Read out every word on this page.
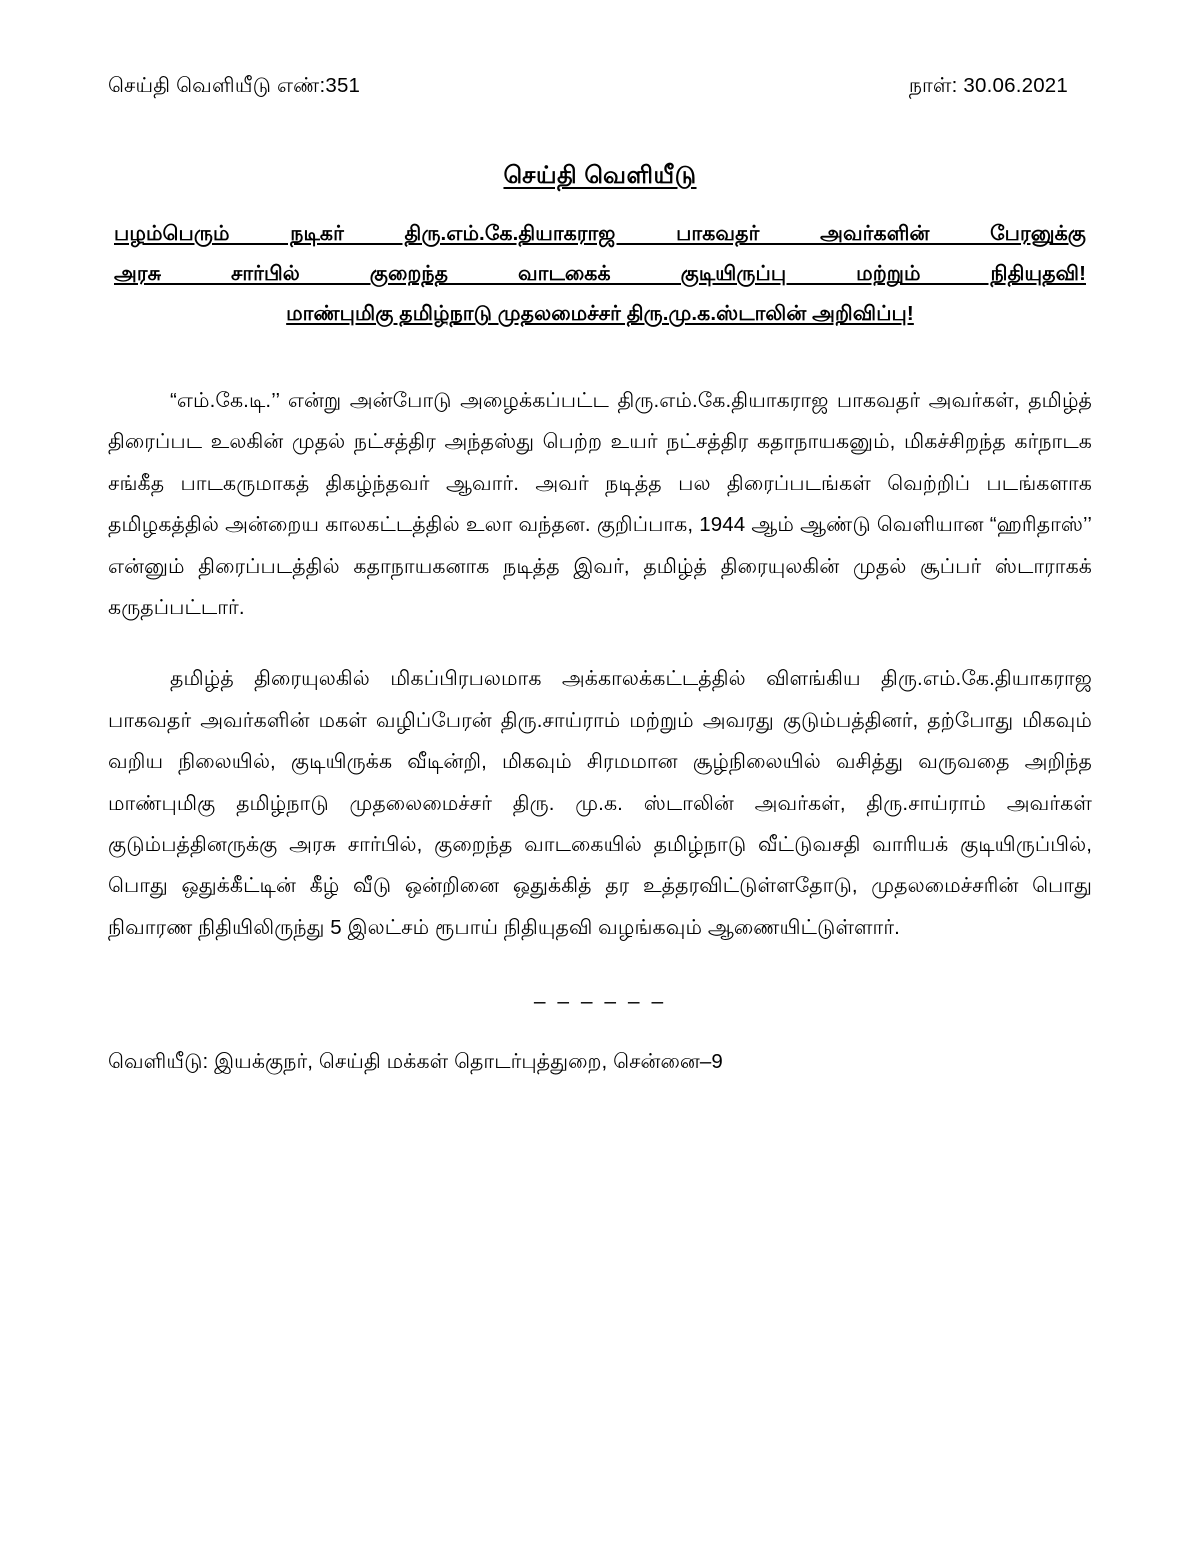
செய்தி வெளியீடு எண்:351	நாள்: 30.06.2021
செய்தி வெளியீடு
பழம்பெரும் நடிகர் திரு.எம்.கே.தியாகராஜ பாகவதர் அவர்களின் பேரனுக்கு
அரசு சார்பில் குறைந்த வாடகைக் குடியிருப்பு மற்றும் நிதியுதவி!
மாண்புமிகு தமிழ்நாடு முதலமைச்சர் திரு.மு.க.ஸ்டாலின் அறிவிப்பு!

“எம்.கே.டி.’’ என்று அன்போடு அழைக்கப்பட்ட திரு.எம்.கே.தியாகராஜ பாகவதர் அவர்கள், தமிழ்த் திரைப்பட உலகின் முதல் நட்சத்திர அந்தஸ்து பெற்ற உயர் நட்சத்திர கதாநாயகனும், மிகச்சிறந்த கர்நாடக சங்கீத பாடகருமாகத் திகழ்ந்தவர் ஆவார். அவர் நடித்த பல திரைப்படங்கள் வெற்றிப் படங்களாக தமிழகத்தில் அன்றைய காலகட்டத்தில் உலா வந்தன. குறிப்பாக, 1944 ஆம் ஆண்டு வெளியான “ஹரிதாஸ்’’ என்னும் திரைப்படத்தில் கதாநாயகனாக நடித்த இவர், தமிழ்த் திரையுலகின் முதல் சூப்பர் ஸ்டாராகக் கருதப்பட்டார்.

தமிழ்த் திரையுலகில் மிகப்பிரபலமாக அக்காலக்கட்டத்தில் விளங்கிய திரு.எம்.கே.தியாகராஜ பாகவதர் அவர்களின் மகள் வழிப்பேரன் திரு.சாய்ராம் மற்றும் அவரது குடும்பத்தினர், தற்போது மிகவும் வறிய நிலையில், குடியிருக்க வீடின்றி, மிகவும் சிரமமான சூழ்நிலையில் வசித்து வருவதை அறிந்த மாண்புமிகு தமிழ்நாடு முதலைமைச்சர் திரு. மு.க. ஸ்டாலின் அவர்கள், திரு.சாய்ராம் அவர்கள் குடும்பத்தினருக்கு அரசு சார்பில், குறைந்த வாடகையில் தமிழ்நாடு வீட்டுவசதி வாரியக் குடியிருப்பில், பொது ஒதுக்கீட்டின் கீழ் வீடு ஒன்றினை ஒதுக்கித் தர உத்தரவிட்டுள்ளதோடு, முதலமைச்சரின் பொது நிவாரண நிதியிலிருந்து 5 இலட்சம் ரூபாய் நிதியுதவி வழங்கவும் ஆணையிட்டுள்ளார்.

– – – – – –
வெளியீடு: இயக்குநர், செய்தி மக்கள் தொடர்புத்துறை, சென்னை–9
